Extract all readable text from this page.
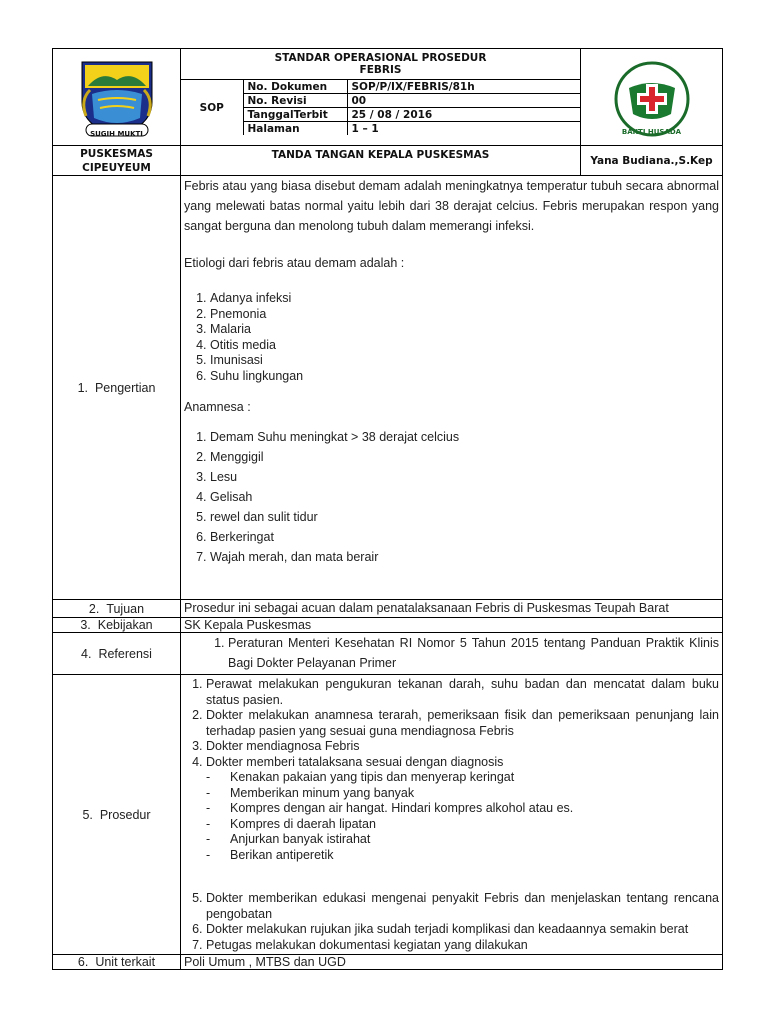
SUGIH MUKTI

STANDAR OPERASIONAL PROSEDUR
FEBRIS
SOP	No. Dokumen	SOP/P/IX/FEBRIS/81h
No. Revisi	00
TanggalTerbit	25 / 08 / 2016
Halaman	1 – 1
		BAKTI HUSADA

PUSKESMAS
CIPEUYEUM
	TANDA TANGAN KEPALA PUSKESMAS	Yana Budiana.,S.Kep
1. Pengertian	

Febris atau yang biasa disebut demam adalah meningkatnya temperatur tubuh secara abnormal yang melewati batas normal yaitu lebih dari 38 derajat celcius. Febris merupakan respon yang sangat berguna dan menolong tubuh dalam memerangi infeksi.

Etiologi dari febris atau demam adalah :
1. Adanya infeksi
2. Pnemonia
3. Malaria
4. Otitis media
5. Imunisasi
6. Suhu lingkungan
Anamnesa :
1. Demam Suhu meningkat > 38 derajat celcius
2. Menggigil
3. Lesu
4. Gelisah
5. rewel dan sulit tidur
6. Berkeringat
7. Wajah merah, dan mata berair

2. Tujuan	Prosedur ini sebagai acuan dalam penatalaksanaan Febris di Puskesmas Teupah Barat
3. Kebijakan	SK Kepala Puskesmas
4. Referensi	
1. Peraturan Menteri Kesehatan RI Nomor 5 Tahun 2015 tentang Panduan Praktik Klinis Bagi Dokter Pelayanan Primer

5. Prosedur	
1. Perawat melakukan pengukuran tekanan darah, suhu badan dan mencatat dalam buku status pasien.
2. Dokter melakukan anamnesa terarah, pemeriksaan fisik dan pemeriksaan penunjang lain terhadap pasien yang sesuai guna mendiagnosa Febris
3. Dokter mendiagnosa Febris
4. Dokter memberi tatalaksana sesuai dengan diagnosis
- Kenakan pakaian yang tipis dan menyerap keringat
- Memberikan minum yang banyak
- Kompres dengan air hangat. Hindari kompres alkohol atau es.
- Kompres di daerah lipatan
- Anjurkan banyak istirahat
- Berikan antiperetik
5. Dokter memberikan edukasi mengenai penyakit Febris dan menjelaskan tentang rencana pengobatan
6. Dokter melakukan rujukan jika sudah terjadi komplikasi dan keadaannya semakin berat
7. Petugas melakukan dokumentasi kegiatan yang dilakukan

6. Unit terkait	Poli Umum , MTBS dan UGD
